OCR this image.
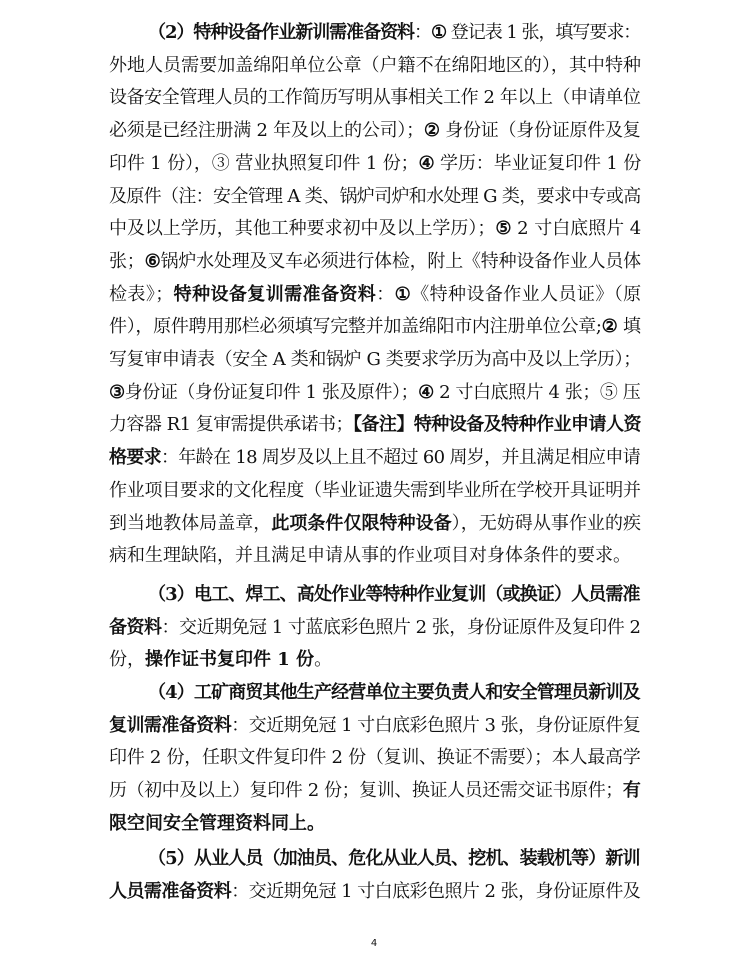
（2）特种设备作业新训需准备资料：① 登记表 1 张，填写要求：
外地人员需要加盖绵阳单位公章（户籍不在绵阳地区的），其中特种
设备安全管理人员的工作简历写明从事相关工作 2 年以上（申请单位
必须是已经注册满 2 年及以上的公司）；② 身份证（身份证原件及复
印件 1 份），③ 营业执照复印件 1 份；④ 学历：毕业证复印件 1 份
及原件（注：安全管理 A 类、锅炉司炉和水处理 G 类，要求中专或高
中及以上学历，其他工种要求初中及以上学历）；⑤ 2 寸白底照片 4
张；⑥锅炉水处理及叉车必须进行体检，附上《特种设备作业人员体
检表》；特种设备复训需准备资料：①《特种设备作业人员证》（原
件），原件聘用那栏必须填写完整并加盖绵阳市内注册单位公章;② 填
写复审申请表（安全 A 类和锅炉 G 类要求学历为高中及以上学历）；
③身份证（身份证复印件 1 张及原件）；④ 2 寸白底照片 4 张；⑤ 压
力容器 R1 复审需提供承诺书；【备注】特种设备及特种作业申请人资
格要求：年龄在 18 周岁及以上且不超过 60 周岁，并且满足相应申请
作业项目要求的文化程度（毕业证遗失需到毕业所在学校开具证明并
到当地教体局盖章，此项条件仅限特种设备），无妨碍从事作业的疾
病和生理缺陷，并且满足申请从事的作业项目对身体条件的要求。
（3）电工、焊工、高处作业等特种作业复训（或换证）人员需准
备资料：交近期免冠 1 寸蓝底彩色照片 2 张，身份证原件及复印件 2
份，操作证书复印件 1 份。
（4）工矿商贸其他生产经营单位主要负责人和安全管理员新训及
复训需准备资料：交近期免冠 1 寸白底彩色照片 3 张，身份证原件复
印件 2 份，任职文件复印件 2 份（复训、换证不需要）；本人最高学
历（初中及以上）复印件 2 份；复训、换证人员还需交证书原件；有
限空间安全管理资料同上。
（5）从业人员（加油员、危化从业人员、挖机、装载机等）新训
人员需准备资料：交近期免冠 1 寸白底彩色照片 2 张，身份证原件及
4
